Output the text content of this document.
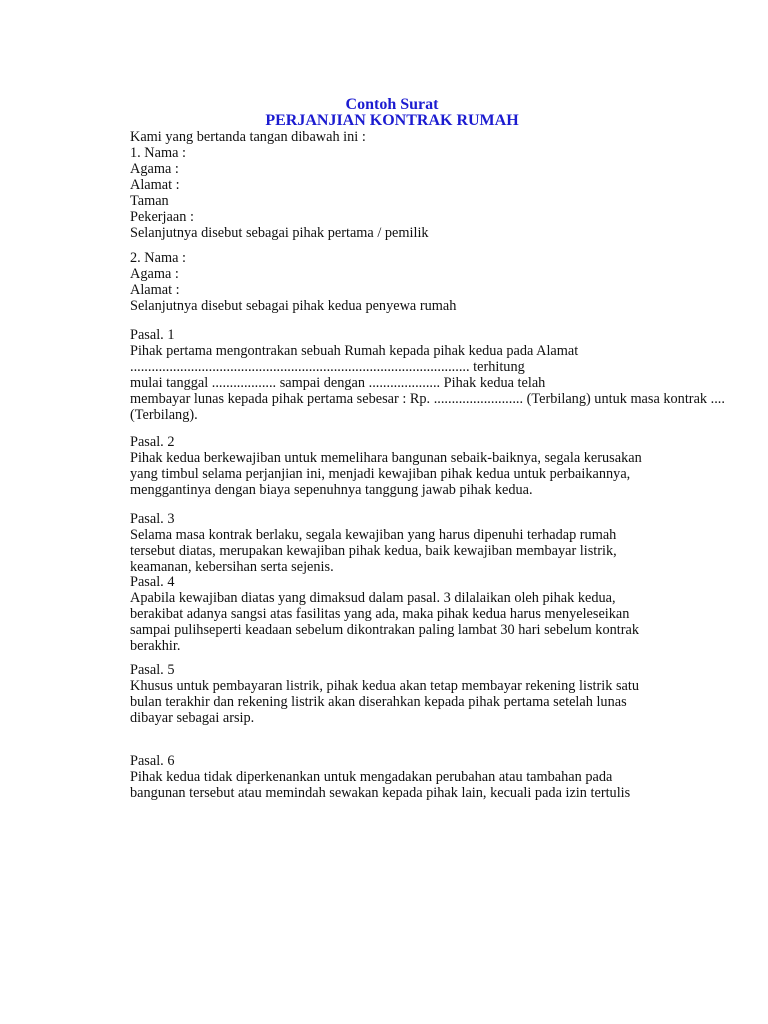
Contoh Surat
PERJANJIAN KONTRAK RUMAH
Kami yang bertanda tangan dibawah ini :
1. Nama :
Agama :
Alamat :
Taman
Pekerjaan :
Selanjutnya disebut sebagai pihak pertama / pemilik
2. Nama :
Agama :
Alamat :
Selanjutnya disebut sebagai pihak kedua penyewa rumah
Pasal. 1
Pihak pertama mengontrakan sebuah Rumah kepada pihak kedua pada Alamat
............................................................................................... terhitung
mulai tanggal .................. sampai dengan .................... Pihak kedua telah
membayar lunas kepada pihak pertama sebesar : Rp. ......................... (Terbilang) untuk masa kontrak ....
(Terbilang).
Pasal. 2
Pihak kedua berkewajiban untuk memelihara bangunan sebaik-baiknya, segala kerusakan
yang timbul selama perjanjian ini, menjadi kewajiban pihak kedua untuk perbaikannya,
menggantinya dengan biaya sepenuhnya tanggung jawab pihak kedua.
Pasal. 3
Selama masa kontrak berlaku, segala kewajiban yang harus dipenuhi terhadap rumah
tersebut diatas, merupakan kewajiban pihak kedua, baik kewajiban membayar listrik,
keamanan, kebersihan serta sejenis.
Pasal. 4
Apabila kewajiban diatas yang dimaksud dalam pasal. 3 dilalaikan oleh pihak kedua,
berakibat adanya sangsi atas fasilitas yang ada, maka pihak kedua harus menyeleseikan
sampai pulihseperti keadaan sebelum dikontrakan paling lambat 30 hari sebelum kontrak
berakhir.
Pasal. 5
Khusus untuk pembayaran listrik, pihak kedua akan tetap membayar rekening listrik satu
bulan terakhir dan rekening listrik akan diserahkan kepada pihak pertama setelah lunas
dibayar sebagai arsip.
Pasal. 6
Pihak kedua tidak diperkenankan untuk mengadakan perubahan atau tambahan pada
bangunan tersebut atau memindah sewakan kepada pihak lain, kecuali pada izin tertulis
